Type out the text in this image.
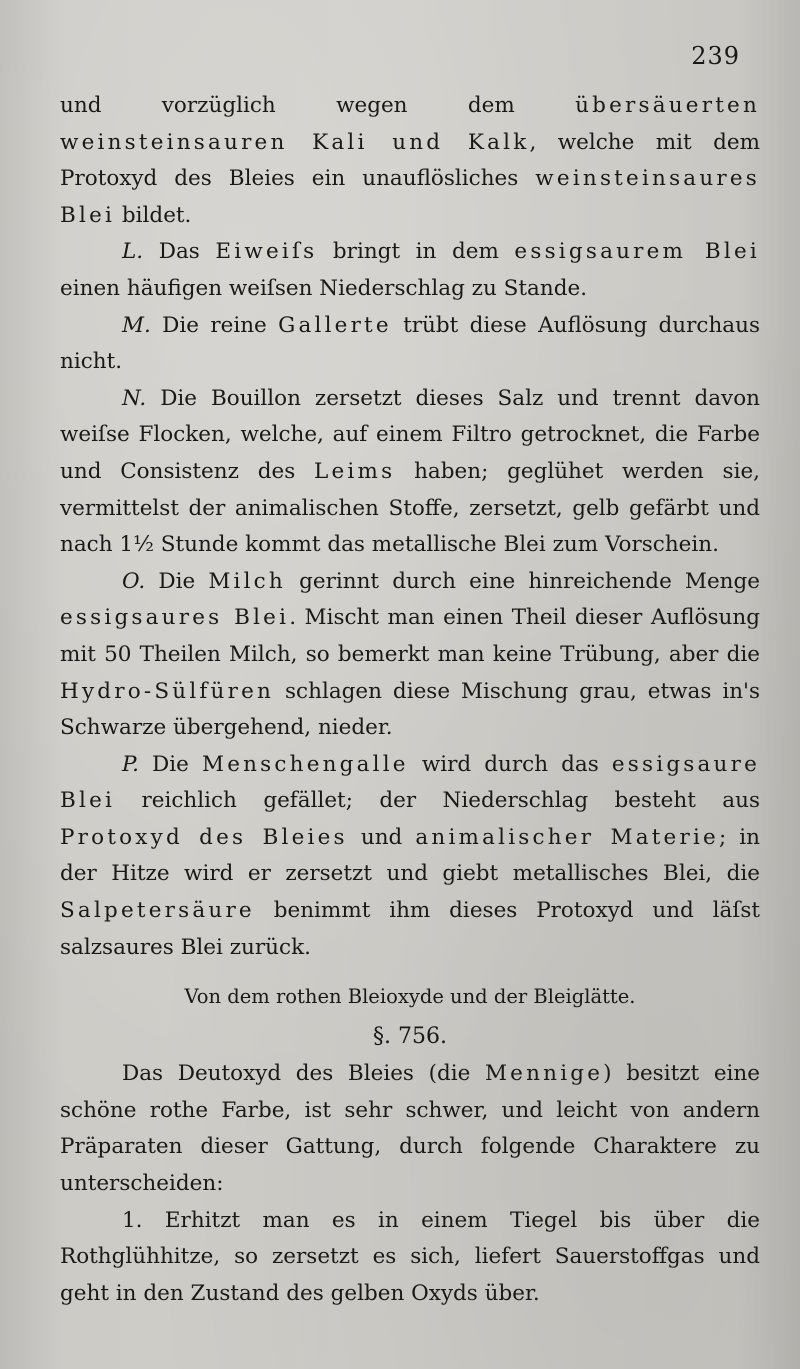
239

und vorzüglich wegen dem übersäuerten weinsteinsauren Kali und Kalk, welche mit dem Protoxyd des Bleies ein unauflösliches weinsteinsaures Blei bildet.

L. Das Eiweiſs bringt in dem essigsaurem Blei einen häufigen weiſsen Niederschlag zu Stande.

M. Die reine Gallerte trübt diese Auflösung durchaus nicht.

N. Die Bouillon zersetzt dieses Salz und trennt davon weiſse Flocken, welche, auf einem Filtro getrocknet, die Farbe und Consistenz des Leims haben; geglühet werden sie, vermittelst der animalischen Stoffe, zersetzt, gelb gefärbt und nach 1½ Stunde kommt das metallische Blei zum Vorschein.

O. Die Milch gerinnt durch eine hinreichende Menge essigsaures Blei. Mischt man einen Theil dieser Auflösung mit 50 Theilen Milch, so bemerkt man keine Trübung, aber die Hydro-Sülfüren schlagen diese Mischung grau, etwas in's Schwarze übergehend, nieder.

P. Die Menschengalle wird durch das essigsaure Blei reichlich gefället; der Niederschlag besteht aus Protoxyd des Bleies und animalischer Materie; in der Hitze wird er zersetzt und giebt metallisches Blei, die Salpetersäure benimmt ihm dieses Protoxyd und läſst salzsaures Blei zurück.

Von dem rothen Bleioxyde und der Bleiglätte.
§. 756.

Das Deutoxyd des Bleies (die Mennige) besitzt eine schöne rothe Farbe, ist sehr schwer, und leicht von andern Präparaten dieser Gattung, durch folgende Charaktere zu unterscheiden:

1. Erhitzt man es in einem Tiegel bis über die Rothglühhitze, so zersetzt es sich, liefert Sauerstoffgas und geht in den Zustand des gelben Oxyds über.
